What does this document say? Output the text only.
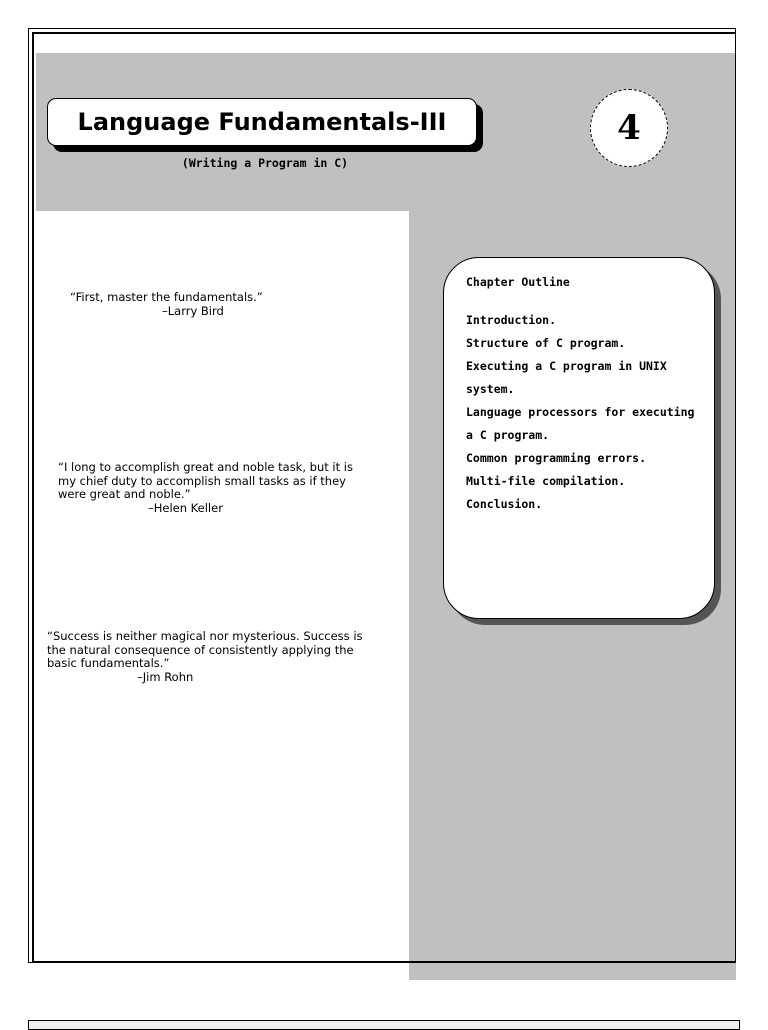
Language Fundamentals-III
(Writing a Program in C)
4
“First, master the fundamentals.”
–Larry Bird
“I long to accomplish great and noble task, but it is
my chief duty to accomplish small tasks as if they
were great and noble.”
–Helen Keller
“Success is neither magical nor mysterious. Success is
the natural consequence of consistently applying the
basic fundamentals.”
–Jim Rohn
Chapter Outline
Introduction.
Structure of C program.
Executing a C program in UNIX system.
Language processors for executing a C program.
Common programming errors.
Multi-file compilation.
Conclusion.
